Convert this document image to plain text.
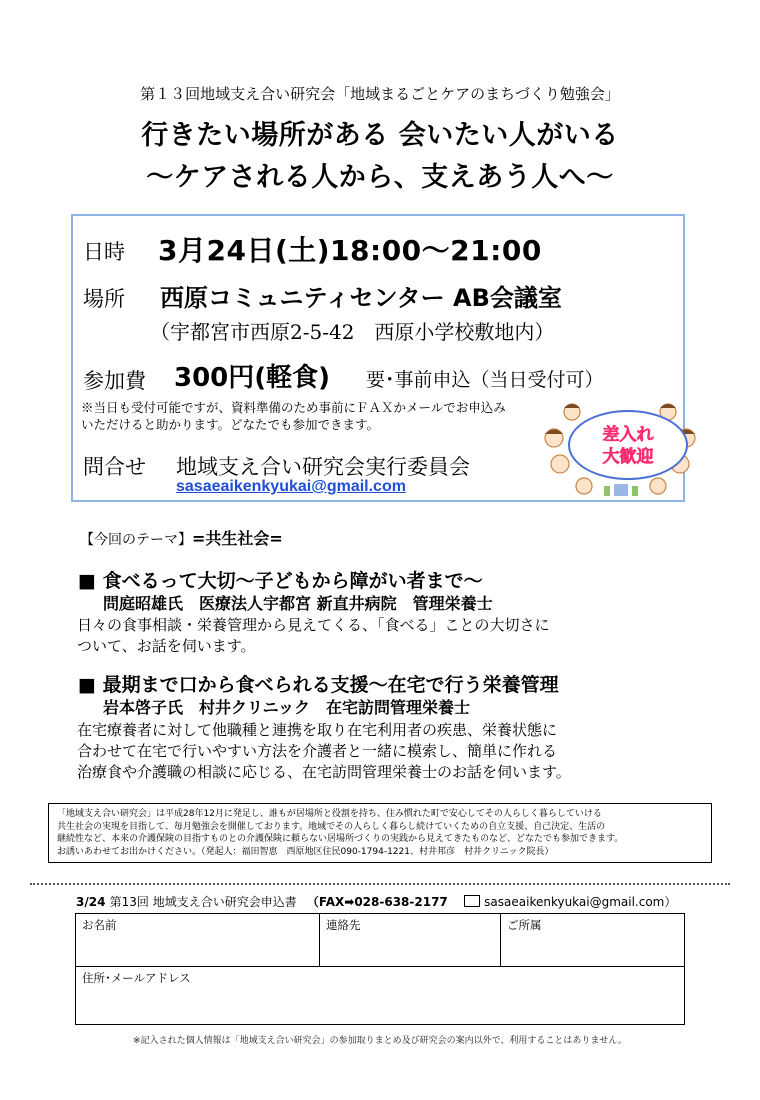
第１３回地域支え合い研究会「地域まるごとケアのまちづくり勉強会」
行きたい場所がある 会いたい人がいる
～ケアされる人から、支えあう人へ～
日時 3月24日(土)18:00～21:00
場所 西原コミュニティセンター AB会議室
（宇都宮市西原2-5-42　西原小学校敷地内）
参加費 300円(軽食) 要･事前申込（当日受付可）
※当日も受付可能ですが、資料準備のため事前にＦＡＸかメールでお申込み
いただけると助かります。どなたでも参加できます。
問合せ 地域支え合い研究会実行委員会
sasaeaikenkyukai@gmail.com
差入れ
大歓迎
【今回のテーマ】=共生社会=
■ 食べるって大切～子どもから障がい者まで～
問庭昭雄氏　医療法人宇都宮 新直井病院　管理栄養士
日々の食事相談・栄養管理から見えてくる、「食べる」ことの大切さに
ついて、お話を伺います。
■ 最期まで口から食べられる支援～在宅で行う栄養管理
岩本啓子氏　村井クリニック　在宅訪問管理栄養士
在宅療養者に対して他職種と連携を取り在宅利用者の疾患、栄養状態に
合わせて在宅で行いやすい方法を介護者と一緒に模索し、簡単に作れる
治療食や介護職の相談に応じる、在宅訪問管理栄養士のお話を伺います。
「地域支え合い研究会」は平成28年12月に発足し、誰もが居場所と役割を持ち、住み慣れた町で安心してその人らしく暮らしていける
共生社会の実現を目指して、毎月勉強会を開催しております。地域でその人らしく暮らし続けていくための自立支援、自己決定、生活の
継続性など、本来の介護保険の目指すものとの介護保険に頼らない居場所づくりの実践から見えてきたものなど、どなたでも参加できます。
お誘いあわせてお出かけください。（発起人：福田智恵　西原地区住民090-1794-1221、村井邦彦　村井クリニック院長）
3/24 第13回 地域支え合い研究会申込書 （FAX➡028-638-2177	sasaeaikenkyukai@gmail.com）
お名前	連絡先	ご所属
住所･メールアドレス
※記入された個人情報は「地域支え合い研究会」の参加取りまとめ及び研究会の案内以外で、利用することはありません。
